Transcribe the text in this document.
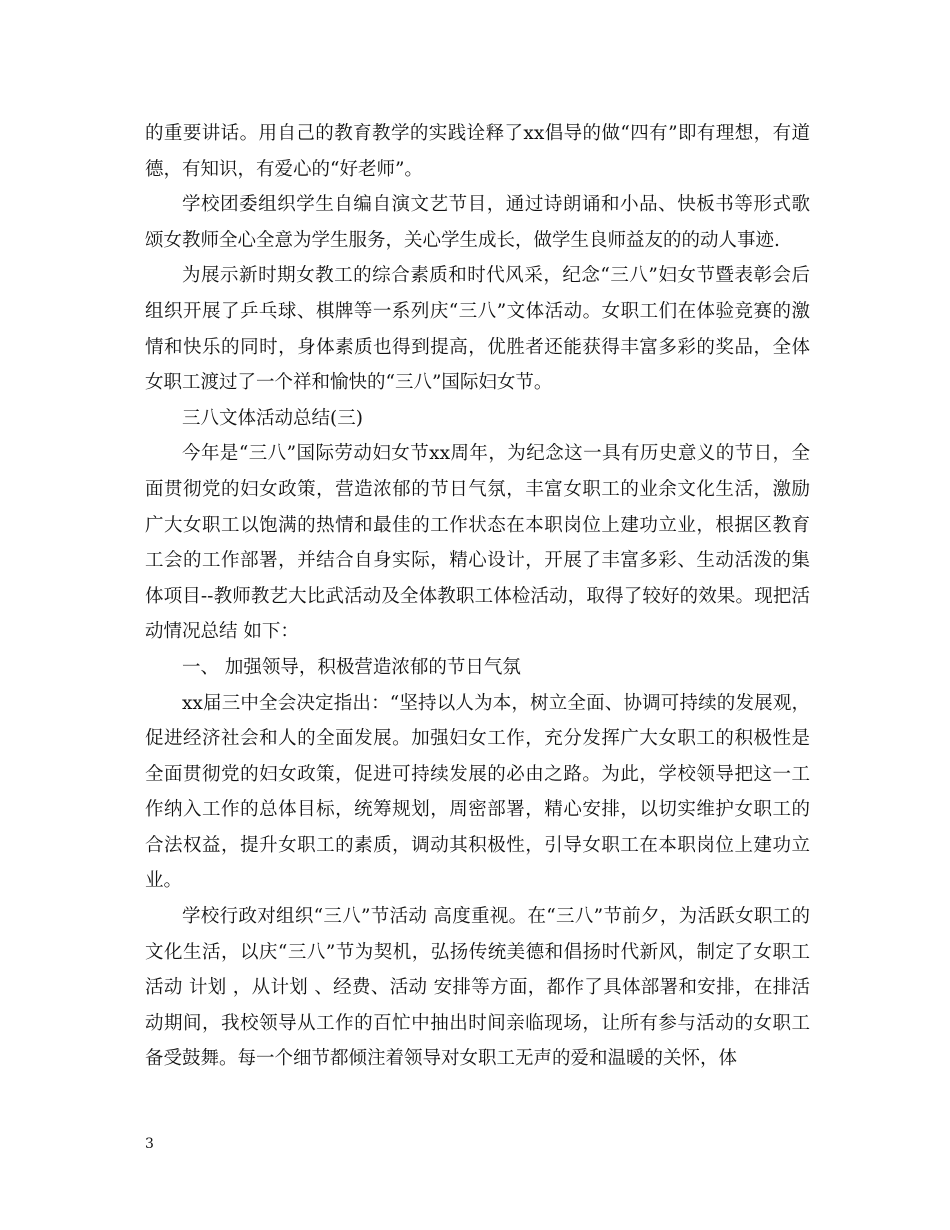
的重要讲话。用自己的教育教学的实践诠释了xx倡导的做“四有”即有理想，有道德，有知识，有爱心的“好老师”。

学校团委组织学生自编自演文艺节目，通过诗朗诵和小品、快板书等形式歌颂女教师全心全意为学生服务，关心学生成长，做学生良师益友的的动人事迹.

为展示新时期女教工的综合素质和时代风采，纪念“三八”妇女节暨表彰会后组织开展了乒乓球、棋牌等一系列庆“三八”文体活动。女职工们在体验竞赛的激情和快乐的同时，身体素质也得到提高，优胜者还能获得丰富多彩的奖品，全体女职工渡过了一个祥和愉快的“三八”国际妇女节。

三八文体活动总结(三)

今年是“三八”国际劳动妇女节xx周年，为纪念这一具有历史意义的节日，全面贯彻党的妇女政策，营造浓郁的节日气氛，丰富女职工的业余文化生活，激励广大女职工以饱满的热情和最佳的工作状态在本职岗位上建功立业，根据区教育工会的工作部署，并结合自身实际，精心设计，开展了丰富多彩、生动活泼的集体项目--教师教艺大比武活动及全体教职工体检活动，取得了较好的效果。现把活动情况总结 如下：

一、 加强领导，积极营造浓郁的节日气氛

xx届三中全会决定指出：“坚持以人为本，树立全面、协调可持续的发展观，促进经济社会和人的全面发展。加强妇女工作，充分发挥广大女职工的积极性是全面贯彻党的妇女政策，促进可持续发展的必由之路。为此，学校领导把这一工作纳入工作的总体目标，统筹规划，周密部署，精心安排，以切实维护女职工的合法权益，提升女职工的素质，调动其积极性，引导女职工在本职岗位上建功立业。

学校行政对组织“三八”节活动 高度重视。在“三八”节前夕，为活跃女职工的文化生活，以庆“三八”节为契机，弘扬传统美德和倡扬时代新风，制定了女职工活动 计划 ，从计划 、经费、活动 安排等方面，都作了具体部署和安排，在排活动期间，我校领导从工作的百忙中抽出时间亲临现场，让所有参与活动的女职工备受鼓舞。每一个细节都倾注着领导对女职工无声的爱和温暖的关怀，体

3
